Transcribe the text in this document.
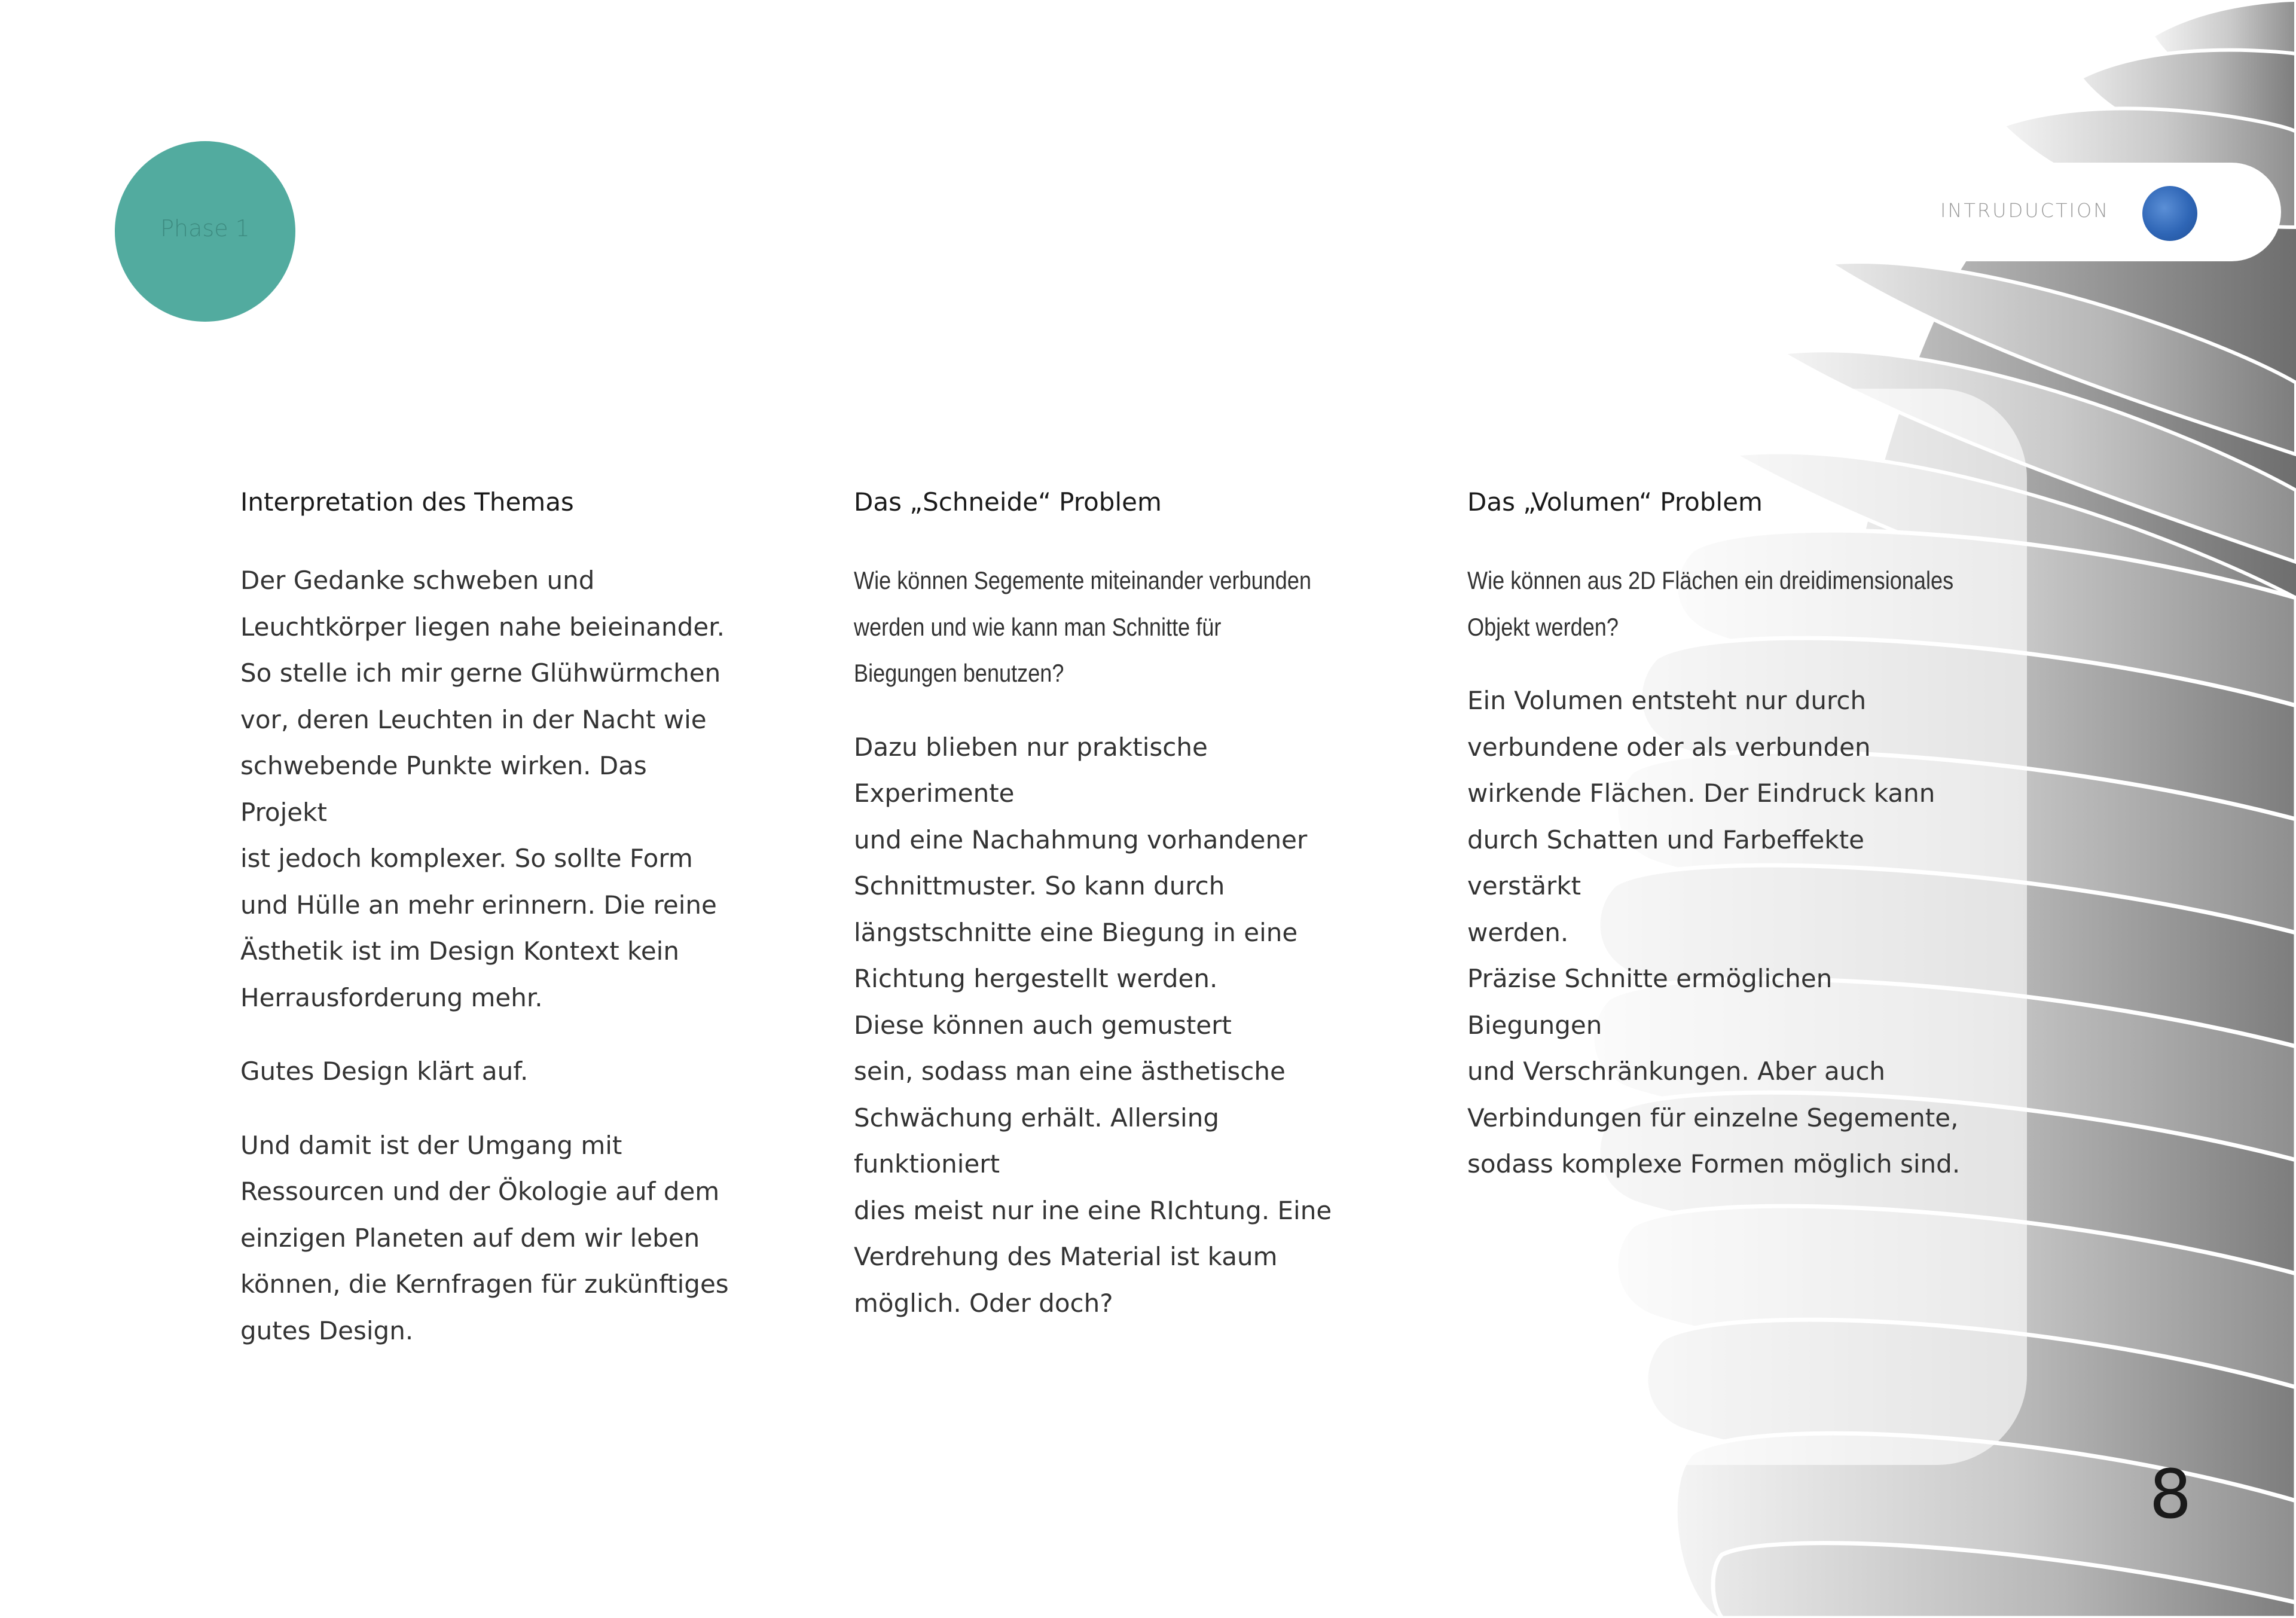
INTRUDUCTION
Phase 1
Interpretation des Themas
Der Gedanke schweben und
Leuchtkörper liegen nahe beieinander.
So stelle ich mir gerne Glühwürmchen
vor, deren Leuchten in der Nacht wie
schwebende Punkte wirken. Das Projekt
ist jedoch komplexer. So sollte Form
und Hülle an mehr erinnern. Die reine
Ästhetik ist im Design Kontext kein
Herrausforderung mehr.
Gutes Design klärt auf.
Und damit ist der Umgang mit
Ressourcen und der Ökologie auf dem
einzigen Planeten auf dem wir leben
können, die Kernfragen für zukünftiges
gutes Design.
Das „Schneide“ Problem
Wie können Segemente miteinander verbunden
werden und wie kann man Schnitte für
Biegungen benutzen?
Dazu blieben nur praktische Experimente
und eine Nachahmung vorhandener
Schnittmuster. So kann durch
längstschnitte eine Biegung in eine
Richtung hergestellt werden.
Diese können auch gemustert
sein, sodass man eine ästhetische
Schwächung erhält. Allersing funktioniert
dies meist nur ine eine RIchtung. Eine
Verdrehung des Material ist kaum
möglich. Oder doch?
Das „Volumen“ Problem
Wie können aus 2D Flächen ein dreidimensionales
Objekt werden?
Ein Volumen entsteht nur durch
verbundene oder als verbunden
wirkende Flächen. Der Eindruck kann
durch Schatten und Farbeffekte verstärkt
werden.
Präzise Schnitte ermöglichen Biegungen
und Verschränkungen. Aber auch
Verbindungen für einzelne Segemente,
sodass komplexe Formen möglich sind.
8
